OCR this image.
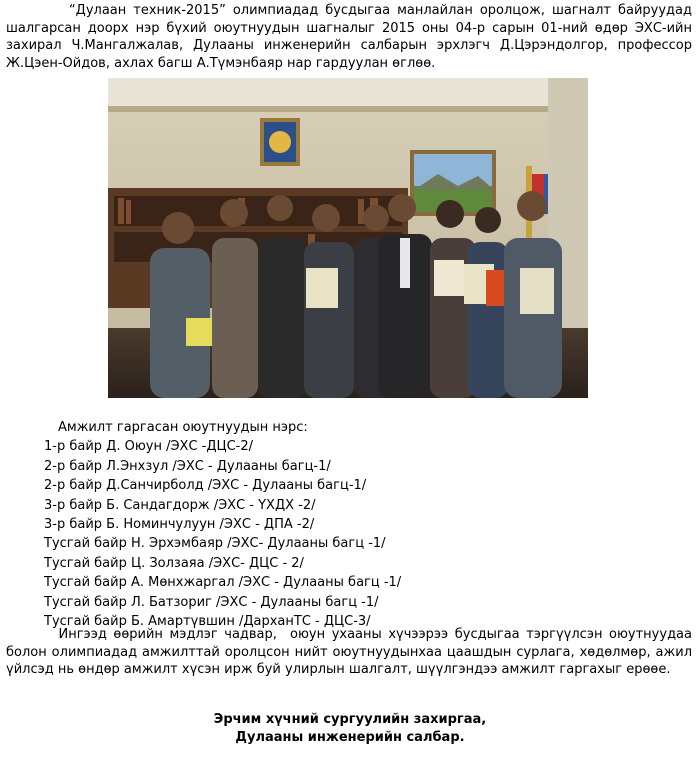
“Дулаан техник-2015” олимпиадад бусдыгаа манлайлан оролцож, шагналт байруудад
шалгарсан доорх нэр бүхий оюутнуудын шагналыг 2015 оны 04-р сарын 01-ний өдөр ЭХС-ийн
захирал Ч.Мангалжалав, Дулааны инженерийн салбарын эрхлэгч Д.Цэрэндолгор, профессор
Ж.Цэен-Ойдов, ахлах багш А.Түмэнбаяр нар гардуулан өглөө.
Амжилт гаргасан оюутнуудын нэрс:
1-р байр Д. Оюун /ЭХС -ДЦС-2/
2-р байр Л.Энхзул /ЭХС - Дулааны багц-1/
2-р байр Д.Санчирболд /ЭХС - Дулааны багц-1/
3-р байр Б. Сандагдорж /ЭХС - ҮХДХ -2/
3-р байр Б. Номинчулуун /ЭХС - ДПА -2/
Тусгай байр Н. Эрхэмбаяр /ЭХС- Дулааны багц -1/
Тусгай байр Ц. Золзаяа /ЭХС- ДЦС - 2/
Тусгай байр А. Мөнхжаргал /ЭХС - Дулааны багц -1/
Тусгай байр Л. Батзориг /ЭХС - Дулааны багц -1/
Тусгай байр Б. Амартүвшин /ДарханТС - ДЦС-3/
Ингээд өөрийн мэдлэг чадвар,  оюун ухааны хүчээрээ бусдыгаа тэргүүлсэн оюутнуудаа
болон олимпиадад амжилттай оролцсон нийт оюутнуудынхаа цаашдын сурлага, хөдөлмөр, ажил
үйлсэд нь өндөр амжилт хүсэн ирж буй улирлын шалгалт, шүүлгэндээ амжилт гаргахыг ерөөе.
Эрчим хүчний сургуулийн захиргаа,
Дулааны инженерийн салбар.
